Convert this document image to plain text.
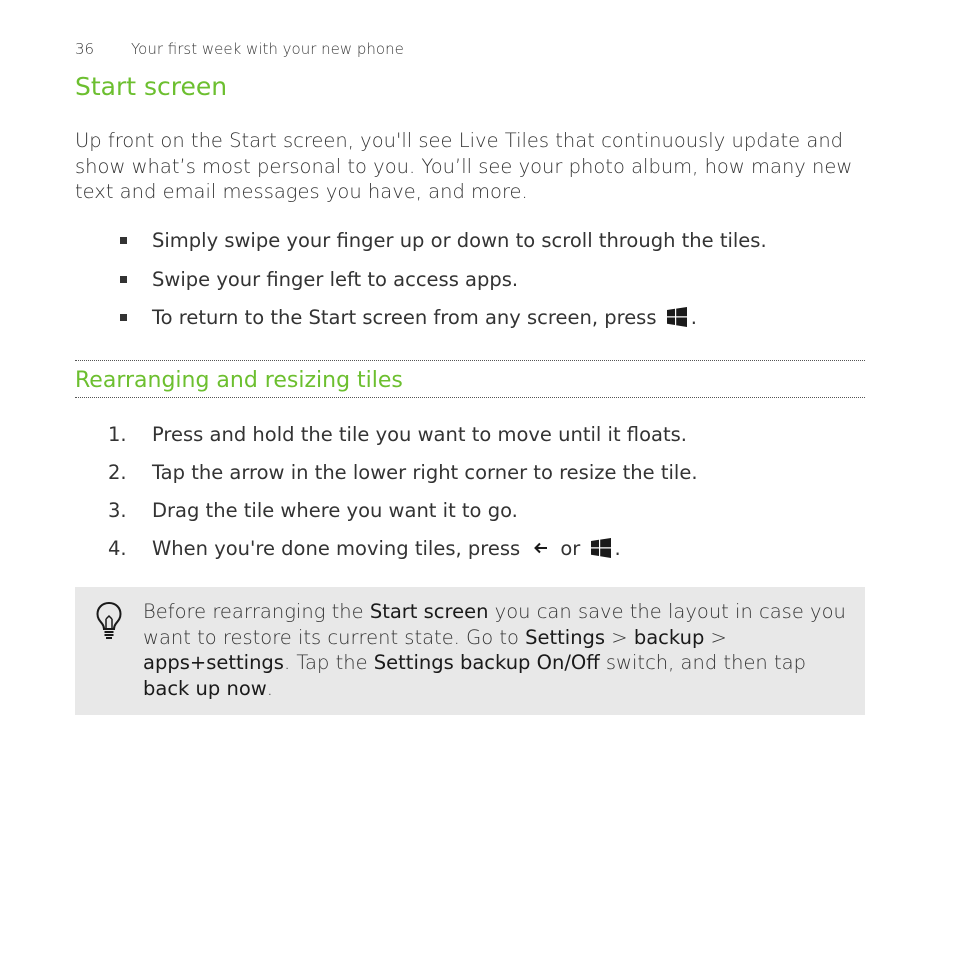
36 Your first week with your new phone
Start screen

Up front on the Start screen, you'll see Live Tiles that continuously update and show what’s most personal to you. You’ll see your photo album, how many new text and email messages you have, and more.

Simply swipe your finger up or down to scroll through the tiles.
Swipe your finger left to access apps.
To return to the Start screen from any screen, press .
Rearranging and resizing tiles
1. Press and hold the tile you want to move until it floats.
2. Tap the arrow in the lower right corner to resize the tile.
3. Drag the tile where you want it to go.
4. When you're done moving tiles, press or .

Before rearranging the Start screen you can save the layout in case you want to restore its current state. Go to Settings > backup > apps+settings. Tap the Settings backup On/Off switch, and then tap back up now.
